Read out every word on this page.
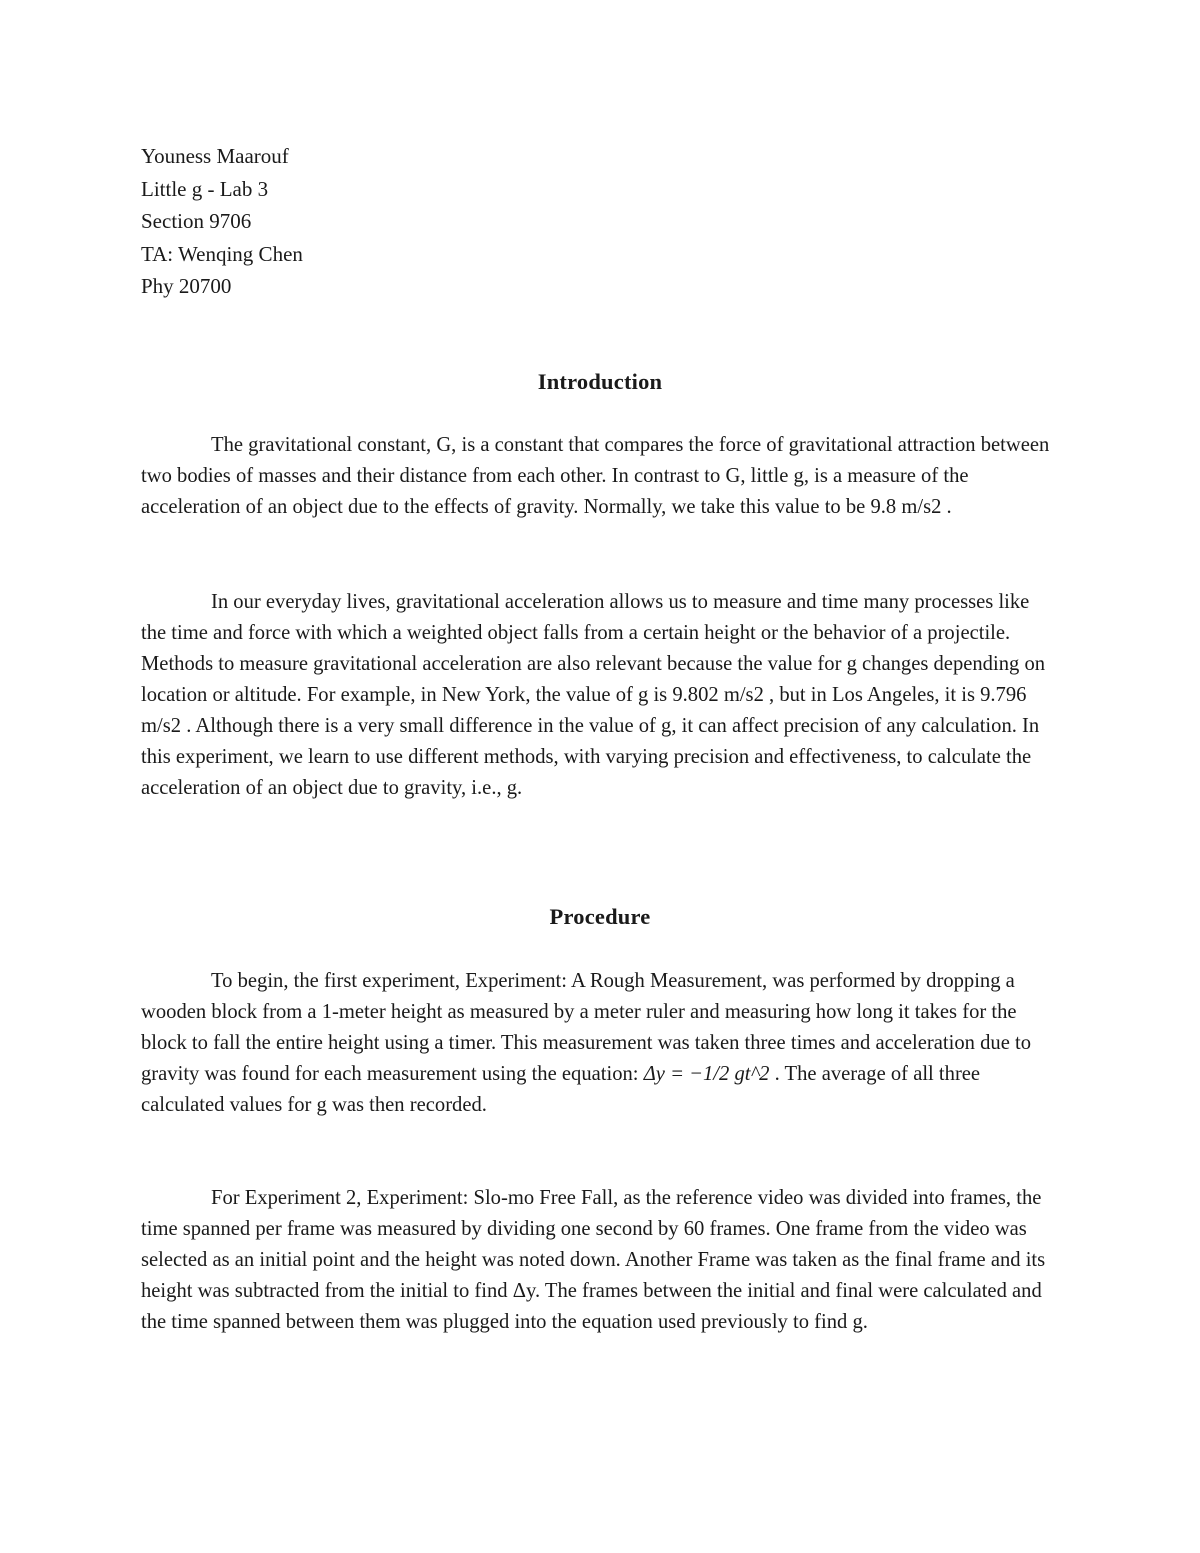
Youness Maarouf
Little g - Lab 3
Section 9706
TA: Wenqing Chen
Phy 20700
Introduction

The gravitational constant, G, is a constant that compares the force of gravitational attraction between two bodies of masses and their distance from each other. In contrast to G, little g, is a measure of the acceleration of an object due to the effects of gravity. Normally, we take this value to be 9.8 m/s2 .

In our everyday lives, gravitational acceleration allows us to measure and time many processes like the time and force with which a weighted object falls from a certain height or the behavior of a projectile. Methods to measure gravitational acceleration are also relevant because the value for g changes depending on location or altitude. For example, in New York, the value of g is 9.802 m/s2 , but in Los Angeles, it is 9.796 m/s2 . Although there is a very small difference in the value of g, it can affect precision of any calculation. In this experiment, we learn to use different methods, with varying precision and effectiveness, to calculate the acceleration of an object due to gravity, i.e., g.

Procedure

To begin, the first experiment, Experiment: A Rough Measurement, was performed by dropping a wooden block from a 1-meter height as measured by a meter ruler and measuring how long it takes for the block to fall the entire height using a timer. This measurement was taken three times and acceleration due to gravity was found for each measurement using the equation: Δy = −1/2 gt^2 . The average of all three calculated values for g was then recorded.

For Experiment 2, Experiment: Slo-mo Free Fall, as the reference video was divided into frames, the time spanned per frame was measured by dividing one second by 60 frames. One frame from the video was selected as an initial point and the height was noted down. Another Frame was taken as the final frame and its height was subtracted from the initial to find Δy. The frames between the initial and final were calculated and the time spanned between them was plugged into the equation used previously to find g.
